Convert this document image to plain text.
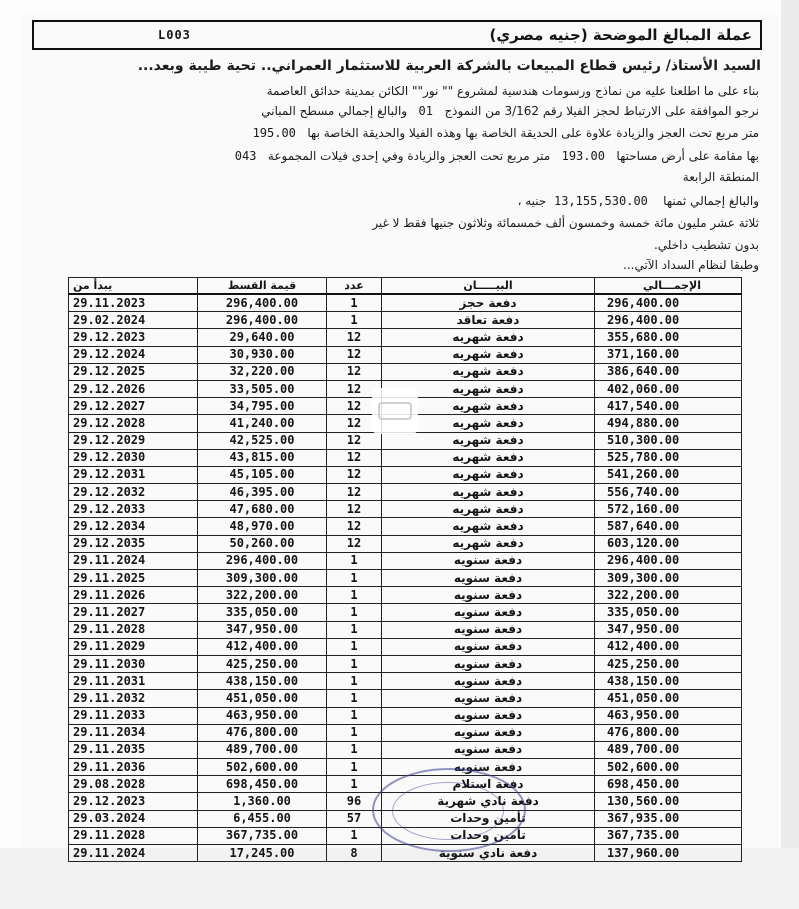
L003	عملة المبالغ الموضحة (جنيه مصري)
السيد الأستاذ/ رئيس قطاع المبيعات بالشركة العربية للاستثمار العمراني.. تحية طيبة وبعد...
بناء على ما اطلعنا عليه من نماذج ورسومات هندسية لمشروع "" نور"" الكائن بمدينة حدائق العاصمة
نرجو الموافقة على الارتباط لحجز الفيلا رقم 3/162 من النموذج   01   والبالغ إجمالي مسطح المباني
متر مربع تحت العجز والزيادة علاوة على الحديقة الخاصة بها وهذه الفيلا والحديقة الخاصة بها   195.00
بها مقامة على أرض مساحتها   193.00   متر مربع تحت العجز والزيادة وفي إحدى فيلات المجموعة   043
المنطقة الرابعة
والبالغ إجمالي ثمنها    13,155,530.00  جنيه ،
ثلاثة عشر مليون مائة خمسة وخمسون ألف خمسمائة وثلاثون جنيها فقط لا غير
بدون تشطيب داخلي.
وطبقا لنظام السداد الآتي...
يبدأ من	قيمة القسط	عدد	البيـــــان	الإجمـــالي
29.11.2023	296,400.00	1	دفعة حجز	296,400.00
29.02.2024	296,400.00	1	دفعة تعاقد	296,400.00
29.12.2023	29,640.00	12	دفعة شهريه	355,680.00
29.12.2024	30,930.00	12	دفعة شهريه	371,160.00
29.12.2025	32,220.00	12	دفعة شهريه	386,640.00
29.12.2026	33,505.00	12	دفعة شهريه	402,060.00
29.12.2027	34,795.00	12	دفعة شهريه	417,540.00
29.12.2028	41,240.00	12	دفعة شهريه	494,880.00
29.12.2029	42,525.00	12	دفعة شهريه	510,300.00
29.12.2030	43,815.00	12	دفعة شهريه	525,780.00
29.12.2031	45,105.00	12	دفعة شهريه	541,260.00
29.12.2032	46,395.00	12	دفعة شهريه	556,740.00
29.12.2033	47,680.00	12	دفعة شهريه	572,160.00
29.12.2034	48,970.00	12	دفعة شهريه	587,640.00
29.12.2035	50,260.00	12	دفعة شهريه	603,120.00
29.11.2024	296,400.00	1	دفعة سنويه	296,400.00
29.11.2025	309,300.00	1	دفعة سنويه	309,300.00
29.11.2026	322,200.00	1	دفعة سنويه	322,200.00
29.11.2027	335,050.00	1	دفعة سنويه	335,050.00
29.11.2028	347,950.00	1	دفعة سنويه	347,950.00
29.11.2029	412,400.00	1	دفعة سنويه	412,400.00
29.11.2030	425,250.00	1	دفعة سنويه	425,250.00
29.11.2031	438,150.00	1	دفعة سنويه	438,150.00
29.11.2032	451,050.00	1	دفعة سنويه	451,050.00
29.11.2033	463,950.00	1	دفعة سنويه	463,950.00
29.11.2034	476,800.00	1	دفعة سنويه	476,800.00
29.11.2035	489,700.00	1	دفعة سنويه	489,700.00
29.11.2036	502,600.00	1	دفعة سنويه	502,600.00
29.08.2028	698,450.00	1	دفعة استلام	698,450.00
29.12.2023	1,360.00	96	دفعة نادي شهرية	130,560.00
29.03.2024	6,455.00	57	تأمين وحدات	367,935.00
29.11.2028	367,735.00	1	تأمين وحدات	367,735.00
29.11.2024	17,245.00	8	دفعة نادي سنوية	137,960.00
